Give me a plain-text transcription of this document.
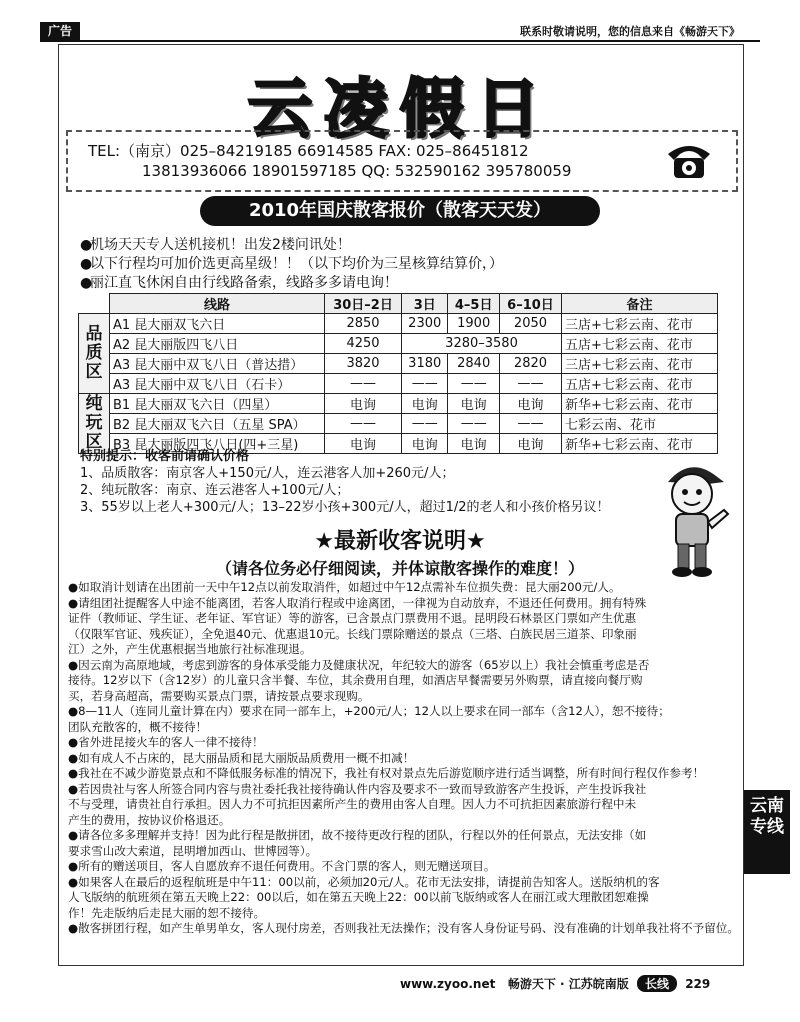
广告	联系时敬请说明，您的信息来自《畅游天下》
云凌假日
TEL:（南京）025–84219185 66914585 FAX: 025–86451812
13813936066 18901597185 QQ: 532590162 395780059
2010年国庆散客报价（散客天天发）
●机场天天专人送机接机！出发2楼问讯处！
●以下行程均可加价选更高星级！！（以下均价为三星核算结算价，）
●丽江直飞休闲自由行线路备索，线路多多请电询！
	线路	30日–2日	3日	4–5日	6–10日	备注

品质区	A1 昆大丽双飞六日	2850	2300	1900	2050	三店+七彩云南、花市
	A2 昆大丽版四飞八日	4250	3280–3580			五店+七彩云南、花市
	A3 昆大丽中双飞八日（普达措）	3820	3180	2840	2820	三店+七彩云南、花市
	A3 昆大丽中双飞八日（石卡）	——	——	——	——	五店+七彩云南、花市

纯玩区	B1 昆大丽双飞六日（四星）	电询	电询	电询	电询	新华+七彩云南、花市
	B2 昆大丽双飞六日（五星 SPA）	——	——	——	——	七彩云南、花市
	B3 昆大丽版四飞八日(四+三星)	电询	电询	电询	电询	新华+七彩云南、花市
特别提示：收客前请确认价格
1、品质散客：南京客人+150元/人，连云港客人加+260元/人；
2、纯玩散客：南京、连云港客人+100元/人；
3、55岁以上老人+300元/人；13–22岁小孩+300元/人，超过1/2的老人和小孩价格另议！
★最新收客说明★
（请各位务必仔细阅读，并体谅散客操作的难度！）
●如取消计划请在出团前一天中午12点以前发取消件，如超过中午12点需补车位损失费：昆大丽200元/人。
●请组团社提醒客人中途不能离团，若客人取消行程或中途离团，一律视为自动放弃，不退还任何费用。拥有特殊
证件（教师证、学生证、老年证、军官证）等的游客，已含景点门票费用不退。昆明段石林景区门票如产生优惠
（仅限军官证、残疾证），全免退40元、优惠退10元。长线门票除赠送的景点（三塔、白族民居三道茶、印象丽
江）之外，产生优惠根据当地旅行社标准现退。
●因云南为高原地域，考虑到游客的身体承受能力及健康状况，年纪较大的游客（65岁以上）我社会慎重考虑是否
接待。12岁以下（含12岁）的儿童只含半餐、车位，其余费用自理，如酒店早餐需要另外购票，请直接向餐厅购
买，若身高超高，需要购买景点门票，请按景点要求现购。
●8—11人（连同儿童计算在内）要求在同一部车上，+200元/人；12人以上要求在同一部车（含12人），恕不接待；
团队充散客的，概不接待！
●省外进昆接火车的客人一律不接待！
●如有成人不占床的，昆大丽品质和昆大丽版品质费用一概不扣减！
●我社在不减少游览景点和不降低服务标准的情况下，我社有权对景点先后游览顺序进行适当调整，所有时间行程仅作参考！
●若因贵社与客人所签合同内容与贵社委托我社接待确认件内容及要求不一致而导致游客产生投诉，产生投诉我社
不与受理，请贵社自行承担。因人力不可抗拒因素所产生的费用由客人自理。因人力不可抗拒因素旅游行程中未
产生的费用，按协议价格退还。
●请各位多多理解并支持！因为此行程是散拼团，故不接待更改行程的团队，行程以外的任何景点，无法安排（如
要求雪山改大索道，昆明增加西山、世博园等）。
●所有的赠送项目，客人自愿放弃不退任何费用。不含门票的客人，则无赠送项目。
●如果客人在最后的返程航班是中午11：00以前，必须加20元/人。花市无法安排，请提前告知客人。送版纳机的客
人飞版纳的航班须在第五天晚上22：00以后，如在第五天晚上22：00以前飞版纳或客人在丽江或大理散团恕难操
作！先走版纳后走昆大丽的恕不接待。
●散客拼团行程，如产生单男单女，客人现付房差，否则我社无法操作；没有客人身份证号码、没有准确的计划单我社将不予留位。
云南专线
www.zyoo.net 畅游天下 · 江苏皖南版 长线 229
